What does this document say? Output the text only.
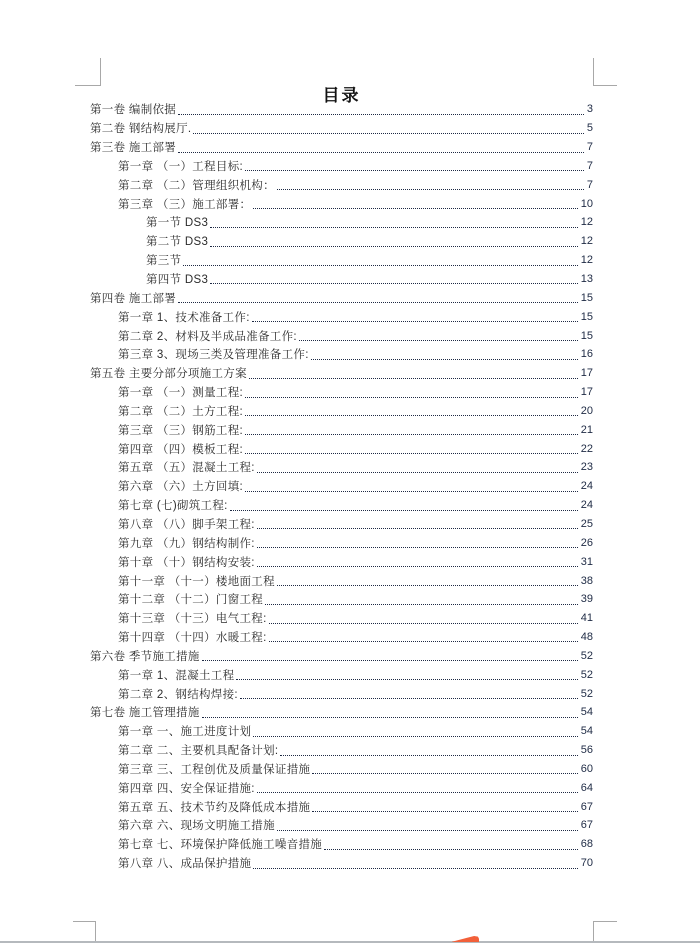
目录
第一卷 编制依据	3
第二卷 钢结构展厅.	5
第三卷 施工部署	7
第一章 （一）工程目标:	7
第二章 （二）管理组织机构：	7
第三章 （三）施工部署：	10
第一节 DS3	12
第二节 DS3	12
第三节	12
第四节 DS3	13
第四卷 施工部署	15
第一章 1、技术准备工作:	15
第二章 2、材料及半成品准备工作:	15
第三章 3、现场三类及管理准备工作:	16
第五卷 主要分部分项施工方案	17
第一章 （一）测量工程:	17
第二章 （二）土方工程:	20
第三章 （三）钢筋工程:	21
第四章 （四）模板工程:	22
第五章 （五）混凝土工程:	23
第六章 （六）土方回填:	24
第七章 (七)砌筑工程:	24
第八章 （八）脚手架工程:	25
第九章 （九）钢结构制作:	26
第十章 （十）钢结构安装:	31
第十一章 （十一）楼地面工程	38
第十二章 （十二）门窗工程	39
第十三章 （十三）电气工程:	41
第十四章 （十四）水暖工程:	48
第六卷 季节施工措施	52
第一章 1、混凝土工程	52
第二章 2、钢结构焊接:	52
第七卷 施工管理措施	54
第一章 一、施工进度计划	54
第二章 二、主要机具配备计划:	56
第三章 三、工程创优及质量保证措施	60
第四章 四、安全保证措施:	64
第五章 五、技术节约及降低成本措施	67
第六章 六、现场文明施工措施	67
第七章 七、环境保护降低施工噪音措施	68
第八章 八、成品保护措施	70
